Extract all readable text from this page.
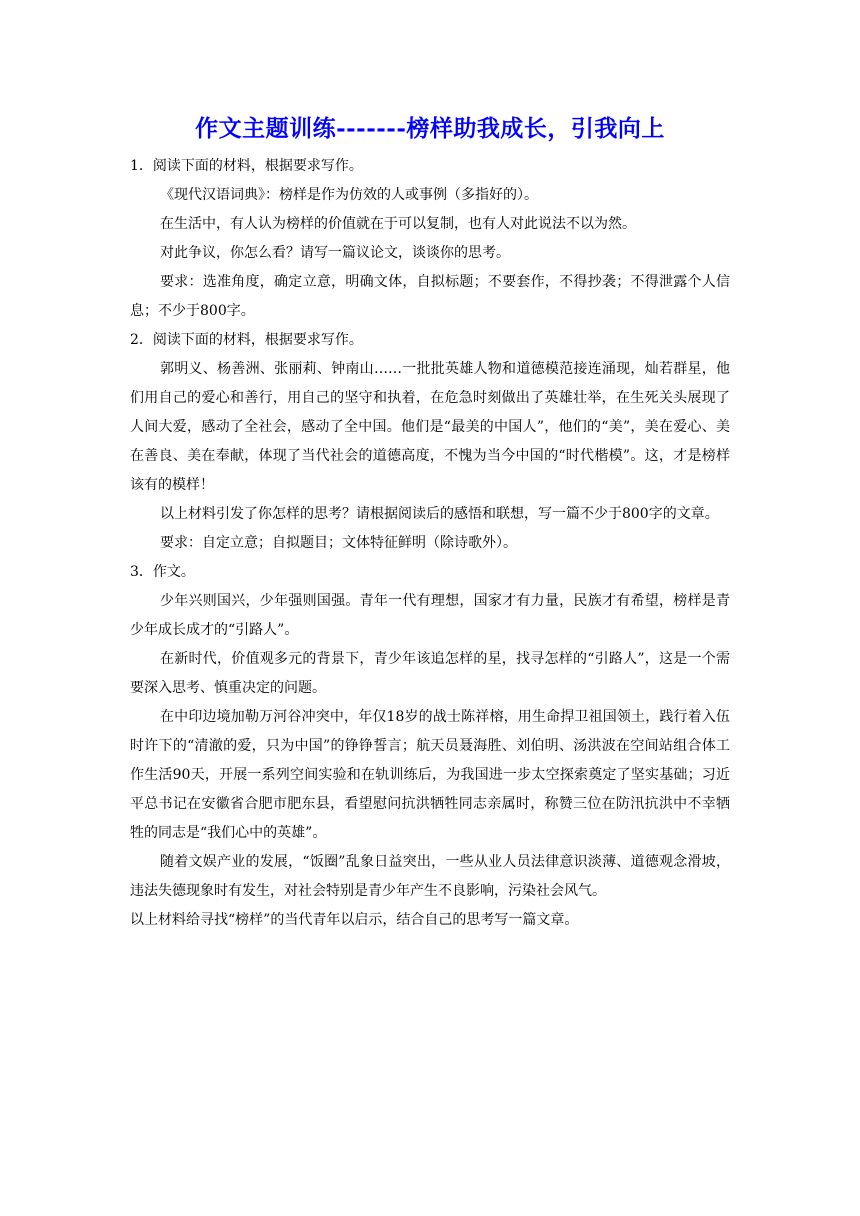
作文主题训练-------榜样助我成长，引我向上

1．阅读下面的材料，根据要求写作。

《现代汉语词典》：榜样是作为仿效的人或事例（多指好的）。

在生活中，有人认为榜样的价值就在于可以复制，也有人对此说法不以为然。

对此争议，你怎么看？请写一篇议论文，谈谈你的思考。

要求：选准角度，确定立意，明确文体，自拟标题；不要套作，不得抄袭；不得泄露个人信息；不少于800字。

2．阅读下面的材料，根据要求写作。

郭明义、杨善洲、张丽莉、钟南山……一批批英雄人物和道德模范接连涌现，灿若群星，他们用自己的爱心和善行，用自己的坚守和执着，在危急时刻做出了英雄壮举，在生死关头展现了人间大爱，感动了全社会，感动了全中国。他们是“最美的中国人”，他们的“美”，美在爱心、美在善良、美在奉献，体现了当代社会的道德高度，不愧为当今中国的“时代楷模”。这，才是榜样该有的模样！

以上材料引发了你怎样的思考？请根据阅读后的感悟和联想，写一篇不少于800字的文章。

要求：自定立意；自拟题目；文体特征鲜明（除诗歌外）。

3．作文。

少年兴则国兴，少年强则国强。青年一代有理想，国家才有力量，民族才有希望，榜样是青少年成长成才的“引路人”。

在新时代，价值观多元的背景下，青少年该追怎样的星，找寻怎样的“引路人”，这是一个需要深入思考、慎重决定的问题。

在中印边境加勒万河谷冲突中，年仅18岁的战士陈祥榕，用生命捍卫祖国领土，践行着入伍时许下的“清澈的爱，只为中国”的铮铮誓言；航天员聂海胜、刘伯明、汤洪波在空间站组合体工作生活90天，开展一系列空间实验和在轨训练后，为我国进一步太空探索奠定了坚实基础；习近平总书记在安徽省合肥市肥东县，看望慰问抗洪牺牲同志亲属时，称赞三位在防汛抗洪中不幸牺牲的同志是“我们心中的英雄”。

随着文娱产业的发展，“饭圈”乱象日益突出，一些从业人员法律意识淡薄、道德观念滑坡，违法失德现象时有发生，对社会特别是青少年产生不良影响，污染社会风气。

以上材料给寻找“榜样”的当代青年以启示，结合自己的思考写一篇文章。
